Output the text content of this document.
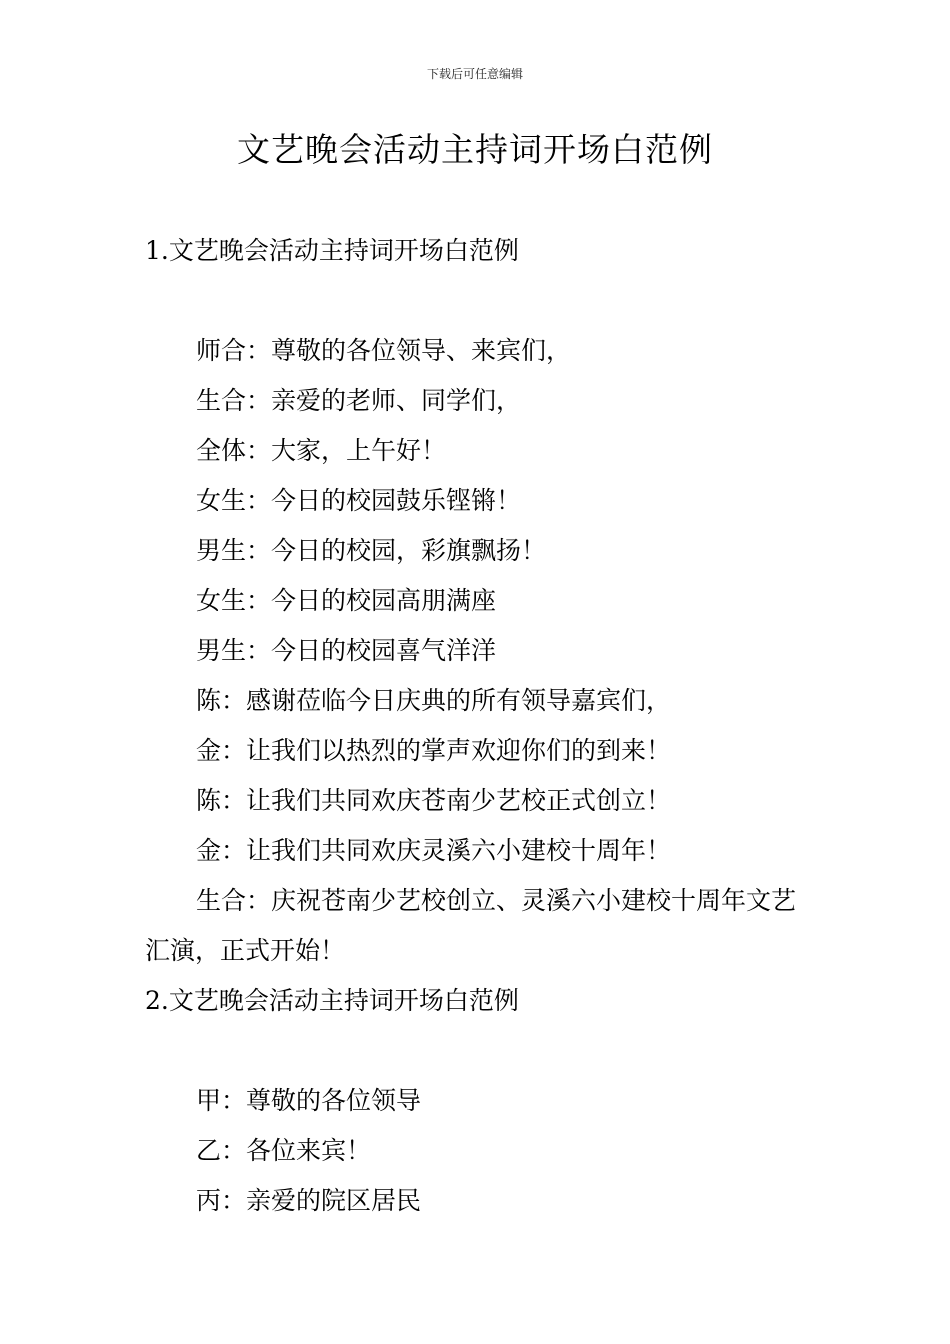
下载后可任意编辑
文艺晚会活动主持词开场白范例
1.文艺晚会活动主持词开场白范例
师合：尊敬的各位领导、来宾们，
生合：亲爱的老师、同学们，
全体：大家，上午好！
女生：今日的校园鼓乐铿锵！
男生：今日的校园，彩旗飘扬！
女生：今日的校园高朋满座
男生：今日的校园喜气洋洋
陈：感谢莅临今日庆典的所有领导嘉宾们，
金：让我们以热烈的掌声欢迎你们的到来！
陈：让我们共同欢庆苍南少艺校正式创立！
金：让我们共同欢庆灵溪六小建校十周年！
生合：庆祝苍南少艺校创立、灵溪六小建校十周年文艺汇演，正式开始！
2.文艺晚会活动主持词开场白范例
甲：尊敬的各位领导
乙：各位来宾！
丙：亲爱的院区居民
